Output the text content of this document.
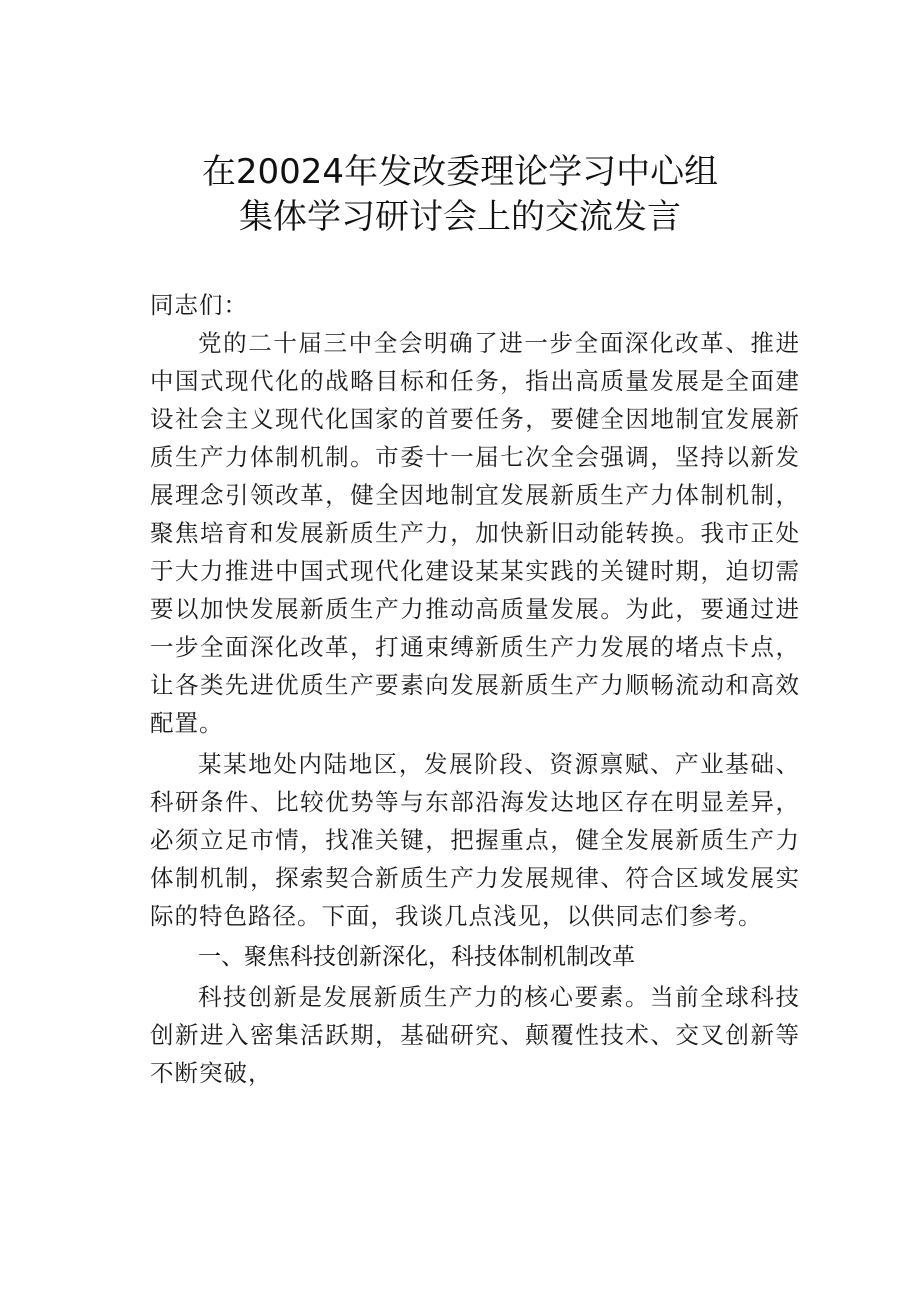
在20024年发改委理论学习中心组
集体学习研讨会上的交流发言

同志们：

党的二十届三中全会明确了进一步全面深化改革、推进中国式现代化的战略目标和任务，指出高质量发展是全面建设社会主义现代化国家的首要任务，要健全因地制宜发展新质生产力体制机制。市委十一届七次全会强调，坚持以新发展理念引领改革，健全因地制宜发展新质生产力体制机制，聚焦培育和发展新质生产力，加快新旧动能转换。我市正处于大力推进中国式现代化建设某某实践的关键时期，迫切需要以加快发展新质生产力推动高质量发展。为此，要通过进一步全面深化改革，打通束缚新质生产力发展的堵点卡点，让各类先进优质生产要素向发展新质生产力顺畅流动和高效配置。

某某地处内陆地区，发展阶段、资源禀赋、产业基础、科研条件、比较优势等与东部沿海发达地区存在明显差异，必须立足市情，找准关键，把握重点，健全发展新质生产力体制机制，探索契合新质生产力发展规律、符合区域发展实际的特色路径。下面，我谈几点浅见，以供同志们参考。

一、聚焦科技创新深化，科技体制机制改革

科技创新是发展新质生产力的核心要素。当前全球科技创新进入密集活跃期，基础研究、颠覆性技术、交叉创新等不断突破，
